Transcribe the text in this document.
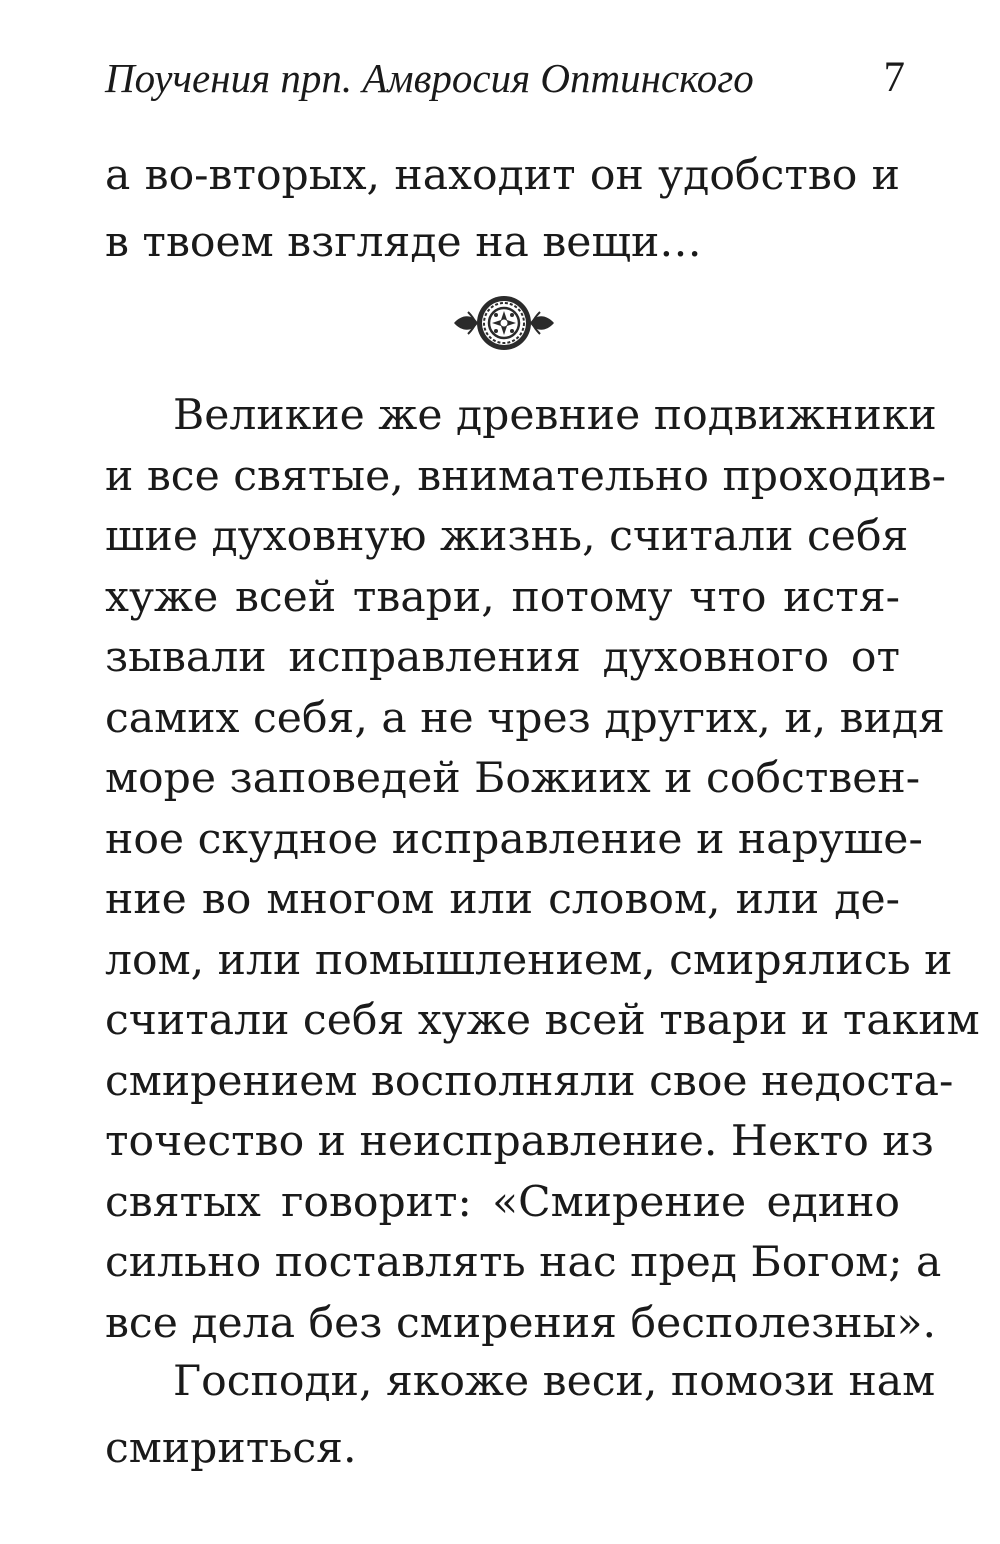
Поучения прп. Амвросия Оптинского	7
а во-вторых, находит он удобство и
в твоем взгляде на вещи…
Великие же древние подвижники
и все святые, внимательно проходив-
шие духовную жизнь, считали себя
хуже всей твари, потому что истя-
зывали исправления духовного от
самих себя, а не чрез других, и, видя
море заповедей Божиих и собствен-
ное скудное исправление и наруше-
ние во многом или словом, или де-
лом, или помышлением, смирялись и
считали себя хуже всей твари и таким
смирением восполняли свое недоста-
точество и неисправление. Некто из
святых говорит: «Смирение едино
сильно поставлять нас пред Богом; а
все дела без смирения бесполезны».
Господи, якоже веси, помози нам
смириться.
